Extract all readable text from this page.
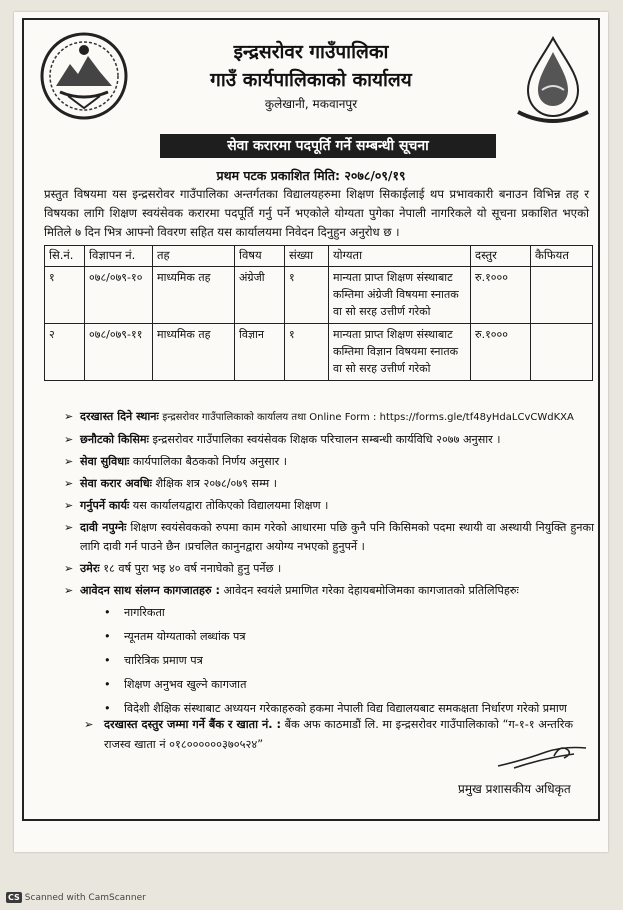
इन्द्रसरोवर गाउँपालिका
गाउँ कार्यपालिकाको कार्यालय
कुलेखानी, मकवानपुर
सेवा करारमा पदपूर्ति गर्ने सम्बन्धी सूचना
प्रथम पटक प्रकाशित मिति: २०७८/०९/१९
प्रस्तुत विषयमा यस इन्द्रसरोवर गाउँपालिका अन्तर्गतका विद्यालयहरुमा शिक्षण सिकाईलाई थप प्रभावकारी बनाउन विभिन्न तह र विषयका लागि शिक्षण स्वयंसेवक करारमा पदपूर्ति गर्नु पर्ने भएकोले योग्यता पुगेका नेपाली नागरिकले यो सूचना प्रकाशित भएको मितिले ७ दिन भित्र आफ्नो विवरण सहित यस कार्यालयमा निवेदन दिनुहुन अनुरोध छ ।
सि.नं.	विज्ञापन नं.	तह	विषय	संख्या	योग्यता	दस्तुर	कैफियत
१	०७८/०७९-१०	माध्यमिक तह	अंग्रेजी	१	मान्यता प्राप्त शिक्षण संस्थाबाट कम्तिमा अंग्रेजी विषयमा स्नातक वा सो सरह उत्तीर्ण गरेको	रु.१०००	
२	०७८/०७९-११	माध्यमिक तह	विज्ञान	१	मान्यता प्राप्त शिक्षण संस्थाबाट कम्तिमा विज्ञान विषयमा स्नातक वा सो सरह उत्तीर्ण गरेको	रु.१०००	
➢ दरखास्त दिने स्थानः इन्द्रसरोवर गाउँपालिकाको कार्यालय तथा Online Form : https://forms.gle/tf48yHdaLCvCWdKXA
➢ छनौटको किसिमः इन्द्रसरोवर गाउँपालिका स्वयंसेवक शिक्षक परिचालन सम्बन्धी कार्यविधि २०७७ अनुसार ।
➢ सेवा सुविधाः कार्यपालिका बैठकको निर्णय अनुसार ।
➢ सेवा करार अवधिः शैक्षिक शत्र २०७८/०७९ सम्म ।
➢ गर्नुपर्ने कार्यः यस कार्यालयद्वारा तोकिएको विद्यालयमा शिक्षण ।
➢ दावी नपुग्नेः शिक्षण स्वयंसेवकको रुपमा काम गरेको आधारमा पछि कुनै पनि किसिमको पदमा स्थायी वा अस्थायी नियुक्ति हुनका लागि दावी गर्न पाउने छैन ।प्रचलित कानुनद्वारा अयोग्य नभएको हुनुपर्ने ।
➢ उमेरः १८ वर्ष पुरा भइ ४० वर्ष ननाघेको हुनु पर्नेछ ।
➢ आवेदन साथ संलग्न कागजातहरु : आवेदन स्वयंले प्रमाणित गरेका देहायबमोजिमका कागजातको प्रतिलिपिहरुः
• नागरिकता
• न्यूनतम योग्यताको लब्धांक पत्र
• चारित्रिक प्रमाण पत्र
• शिक्षण अनुभव खुल्ने कागजात
• विदेशी शैक्षिक संस्थाबाट अध्ययन गरेकाहरुको हकमा नेपाली विद्य विद्यालयबाट समकक्षता निर्धारण गरेको प्रमाण
➢ दरखास्त दस्तुर जम्मा गर्ने बैंक र खाता नं. : बैंक अफ काठमाडौं लि. मा इन्द्रसरोवर गाउँपालिकाको “ग-१-१ अन्तरिक राजस्व खाता नं ०१८००००००३७०५२४”
प्रमुख प्रशासकीय अधिकृत
CS Scanned with CamScanner
